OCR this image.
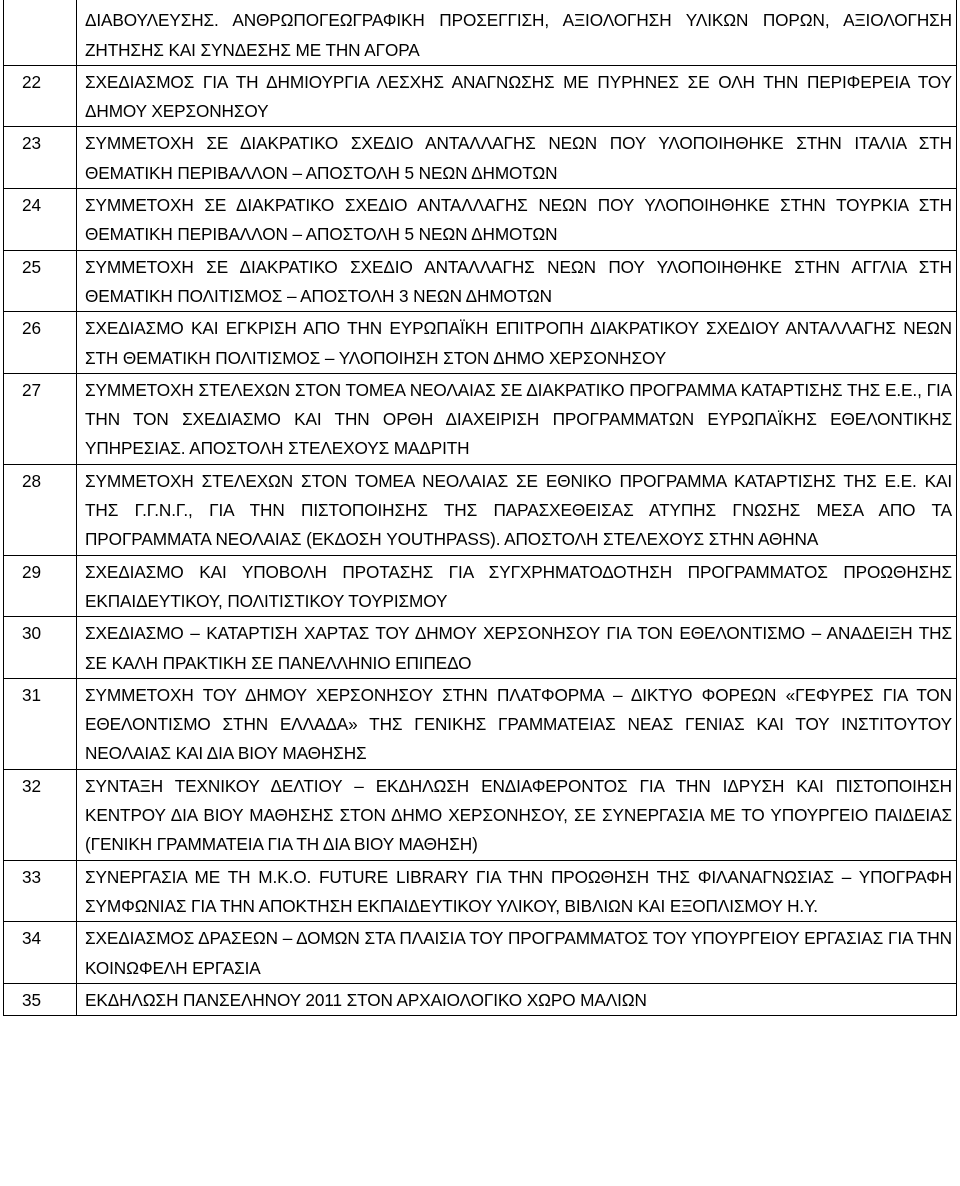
	ΔΙΑΒΟΥΛΕΥΣΗΣ. ΑΝΘΡΩΠΟΓΕΩΓΡΑΦΙΚΗ ΠΡΟΣΕΓΓΙΣΗ, ΑΞΙΟΛΟΓΗΣΗ ΥΛΙΚΩΝ ΠΟΡΩΝ, ΑΞΙΟΛΟΓΗΣΗ ΖΗΤΗΣΗΣ ΚΑΙ ΣΥΝΔΕΣΗΣ ΜΕ ΤΗΝ ΑΓΟΡΑ
22	ΣΧΕΔΙΑΣΜΟΣ ΓΙΑ ΤΗ ΔΗΜΙΟΥΡΓΙΑ ΛΕΣΧΗΣ ΑΝΑΓΝΩΣΗΣ ΜΕ ΠΥΡΗΝΕΣ ΣΕ ΟΛΗ ΤΗΝ ΠΕΡΙΦΕΡΕΙΑ ΤΟΥ ΔΗΜΟΥ ΧΕΡΣΟΝΗΣΟΥ
23	ΣΥΜΜΕΤΟΧΗ ΣΕ ΔΙΑΚΡΑΤΙΚΟ ΣΧΕΔΙΟ ΑΝΤΑΛΛΑΓΗΣ ΝΕΩΝ ΠΟΥ ΥΛΟΠΟΙΗΘΗΚΕ ΣΤΗΝ ΙΤΑΛΙΑ ΣΤΗ ΘΕΜΑΤΙΚΗ ΠΕΡΙΒΑΛΛΟΝ – ΑΠΟΣΤΟΛΗ 5 ΝΕΩΝ ΔΗΜΟΤΩΝ
24	ΣΥΜΜΕΤΟΧΗ ΣΕ ΔΙΑΚΡΑΤΙΚΟ ΣΧΕΔΙΟ ΑΝΤΑΛΛΑΓΗΣ ΝΕΩΝ ΠΟΥ ΥΛΟΠΟΙΗΘΗΚΕ ΣΤΗΝ ΤΟΥΡΚΙΑ ΣΤΗ ΘΕΜΑΤΙΚΗ ΠΕΡΙΒΑΛΛΟΝ – ΑΠΟΣΤΟΛΗ 5 ΝΕΩΝ ΔΗΜΟΤΩΝ
25	ΣΥΜΜΕΤΟΧΗ ΣΕ ΔΙΑΚΡΑΤΙΚΟ ΣΧΕΔΙΟ ΑΝΤΑΛΛΑΓΗΣ ΝΕΩΝ ΠΟΥ ΥΛΟΠΟΙΗΘΗΚΕ ΣΤΗΝ ΑΓΓΛΙΑ ΣΤΗ ΘΕΜΑΤΙΚΗ ΠΟΛΙΤΙΣΜΟΣ – ΑΠΟΣΤΟΛΗ 3 ΝΕΩΝ ΔΗΜΟΤΩΝ
26	ΣΧΕΔΙΑΣΜΟ ΚΑΙ ΕΓΚΡΙΣΗ ΑΠΟ ΤΗΝ ΕΥΡΩΠΑΪΚΗ ΕΠΙΤΡΟΠΗ ΔΙΑΚΡΑΤΙΚΟΥ ΣΧΕΔΙΟΥ ΑΝΤΑΛΛΑΓΗΣ ΝΕΩΝ ΣΤΗ ΘΕΜΑΤΙΚΗ ΠΟΛΙΤΙΣΜΟΣ – ΥΛΟΠΟΙΗΣΗ ΣΤΟΝ ΔΗΜΟ ΧΕΡΣΟΝΗΣΟΥ
27	ΣΥΜΜΕΤΟΧΗ ΣΤΕΛΕΧΩΝ ΣΤΟΝ ΤΟΜΕΑ ΝΕΟΛΑΙΑΣ ΣΕ ΔΙΑΚΡΑΤΙΚΟ ΠΡΟΓΡΑΜΜΑ ΚΑΤΑΡΤΙΣΗΣ ΤΗΣ Ε.Ε., ΓΙΑ ΤΗΝ ΤΟΝ ΣΧΕΔΙΑΣΜΟ ΚΑΙ ΤΗΝ ΟΡΘΗ ΔΙΑΧΕΙΡΙΣΗ ΠΡΟΓΡΑΜΜΑΤΩΝ ΕΥΡΩΠΑΪΚΗΣ ΕΘΕΛΟΝΤΙΚΗΣ ΥΠΗΡΕΣΙΑΣ. ΑΠΟΣΤΟΛΗ ΣΤΕΛΕΧΟΥΣ ΜΑΔΡΙΤΗ
28	ΣΥΜΜΕΤΟΧΗ ΣΤΕΛΕΧΩΝ ΣΤΟΝ ΤΟΜΕΑ ΝΕΟΛΑΙΑΣ ΣΕ ΕΘΝΙΚΟ ΠΡΟΓΡΑΜΜΑ ΚΑΤΑΡΤΙΣΗΣ ΤΗΣ Ε.Ε. ΚΑΙ ΤΗΣ Γ.Γ.Ν.Γ., ΓΙΑ ΤΗΝ ΠΙΣΤΟΠΟΙΗΣΗΣ ΤΗΣ ΠΑΡΑΣΧΕΘΕΙΣΑΣ ΑΤΥΠΗΣ ΓΝΩΣΗΣ ΜΕΣΑ ΑΠΟ ΤΑ ΠΡΟΓΡΑΜΜΑΤΑ ΝΕΟΛΑΙΑΣ (ΕΚΔΟΣΗ YOUTHPASS). ΑΠΟΣΤΟΛΗ ΣΤΕΛΕΧΟΥΣ ΣΤΗΝ ΑΘΗΝΑ
29	ΣΧΕΔΙΑΣΜΟ ΚΑΙ ΥΠΟΒΟΛΗ ΠΡΟΤΑΣΗΣ ΓΙΑ ΣΥΓΧΡΗΜΑΤΟΔΟΤΗΣΗ ΠΡΟΓΡΑΜΜΑΤΟΣ ΠΡΟΩΘΗΣΗΣ ΕΚΠΑΙΔΕΥΤΙΚΟΥ, ΠΟΛΙΤΙΣΤΙΚΟΥ ΤΟΥΡΙΣΜΟΥ
30	ΣΧΕΔΙΑΣΜΟ – ΚΑΤΑΡΤΙΣΗ ΧΑΡΤΑΣ ΤΟΥ ΔΗΜΟΥ ΧΕΡΣΟΝΗΣΟΥ ΓΙΑ ΤΟΝ ΕΘΕΛΟΝΤΙΣΜΟ – ΑΝΑΔΕΙΞΗ ΤΗΣ ΣΕ ΚΑΛΗ ΠΡΑΚΤΙΚΗ ΣΕ ΠΑΝΕΛΛΗΝΙΟ ΕΠΙΠΕΔΟ
31	ΣΥΜΜΕΤΟΧΗ ΤΟΥ ΔΗΜΟΥ ΧΕΡΣΟΝΗΣΟΥ ΣΤΗΝ ΠΛΑΤΦΟΡΜΑ – ΔΙΚΤΥΟ ΦΟΡΕΩΝ «ΓΕΦΥΡΕΣ ΓΙΑ ΤΟΝ ΕΘΕΛΟΝΤΙΣΜΟ ΣΤΗΝ ΕΛΛΑΔΑ» ΤΗΣ ΓΕΝΙΚΗΣ ΓΡΑΜΜΑΤΕΙΑΣ ΝΕΑΣ ΓΕΝΙΑΣ ΚΑΙ ΤΟΥ ΙΝΣΤΙΤΟΥΤΟΥ ΝΕΟΛΑΙΑΣ ΚΑΙ ΔΙΑ ΒΙΟΥ ΜΑΘΗΣΗΣ
32	ΣΥΝΤΑΞΗ ΤΕΧΝΙΚΟΥ ΔΕΛΤΙΟΥ – ΕΚΔΗΛΩΣΗ ΕΝΔΙΑΦΕΡΟΝΤΟΣ ΓΙΑ ΤΗΝ ΙΔΡΥΣΗ ΚΑΙ ΠΙΣΤΟΠΟΙΗΣΗ ΚΕΝΤΡΟΥ ΔΙΑ ΒΙΟΥ ΜΑΘΗΣΗΣ ΣΤΟΝ ΔΗΜΟ ΧΕΡΣΟΝΗΣΟΥ, ΣΕ ΣΥΝΕΡΓΑΣΙΑ ΜΕ ΤΟ ΥΠΟΥΡΓΕΙΟ ΠΑΙΔΕΙΑΣ (ΓΕΝΙΚΗ ΓΡΑΜΜΑΤΕΙΑ ΓΙΑ ΤΗ ΔΙΑ ΒΙΟΥ ΜΑΘΗΣΗ)
33	ΣΥΝΕΡΓΑΣΙΑ ΜΕ ΤΗ Μ.Κ.Ο. FUTURE LIBRARY ΓΙΑ ΤΗΝ ΠΡΟΩΘΗΣΗ ΤΗΣ ΦΙΛΑΝΑΓΝΩΣΙΑΣ – ΥΠΟΓΡΑΦΗ ΣΥΜΦΩΝΙΑΣ ΓΙΑ ΤΗΝ ΑΠΟΚΤΗΣΗ ΕΚΠΑΙΔΕΥΤΙΚΟΥ ΥΛΙΚΟΥ, ΒΙΒΛΙΩΝ ΚΑΙ ΕΞΟΠΛΙΣΜΟΥ Η.Υ.
34	ΣΧΕΔΙΑΣΜΟΣ ΔΡΑΣΕΩΝ – ΔΟΜΩΝ ΣΤΑ ΠΛΑΙΣΙΑ ΤΟΥ ΠΡΟΓΡΑΜΜΑΤΟΣ ΤΟΥ ΥΠΟΥΡΓΕΙΟΥ ΕΡΓΑΣΙΑΣ ΓΙΑ ΤΗΝ ΚΟΙΝΩΦΕΛΗ ΕΡΓΑΣΙΑ
35	ΕΚΔΗΛΩΣΗ ΠΑΝΣΕΛΗΝΟΥ 2011 ΣΤΟΝ ΑΡΧΑΙΟΛΟΓΙΚΟ ΧΩΡΟ ΜΑΛΙΩΝ
